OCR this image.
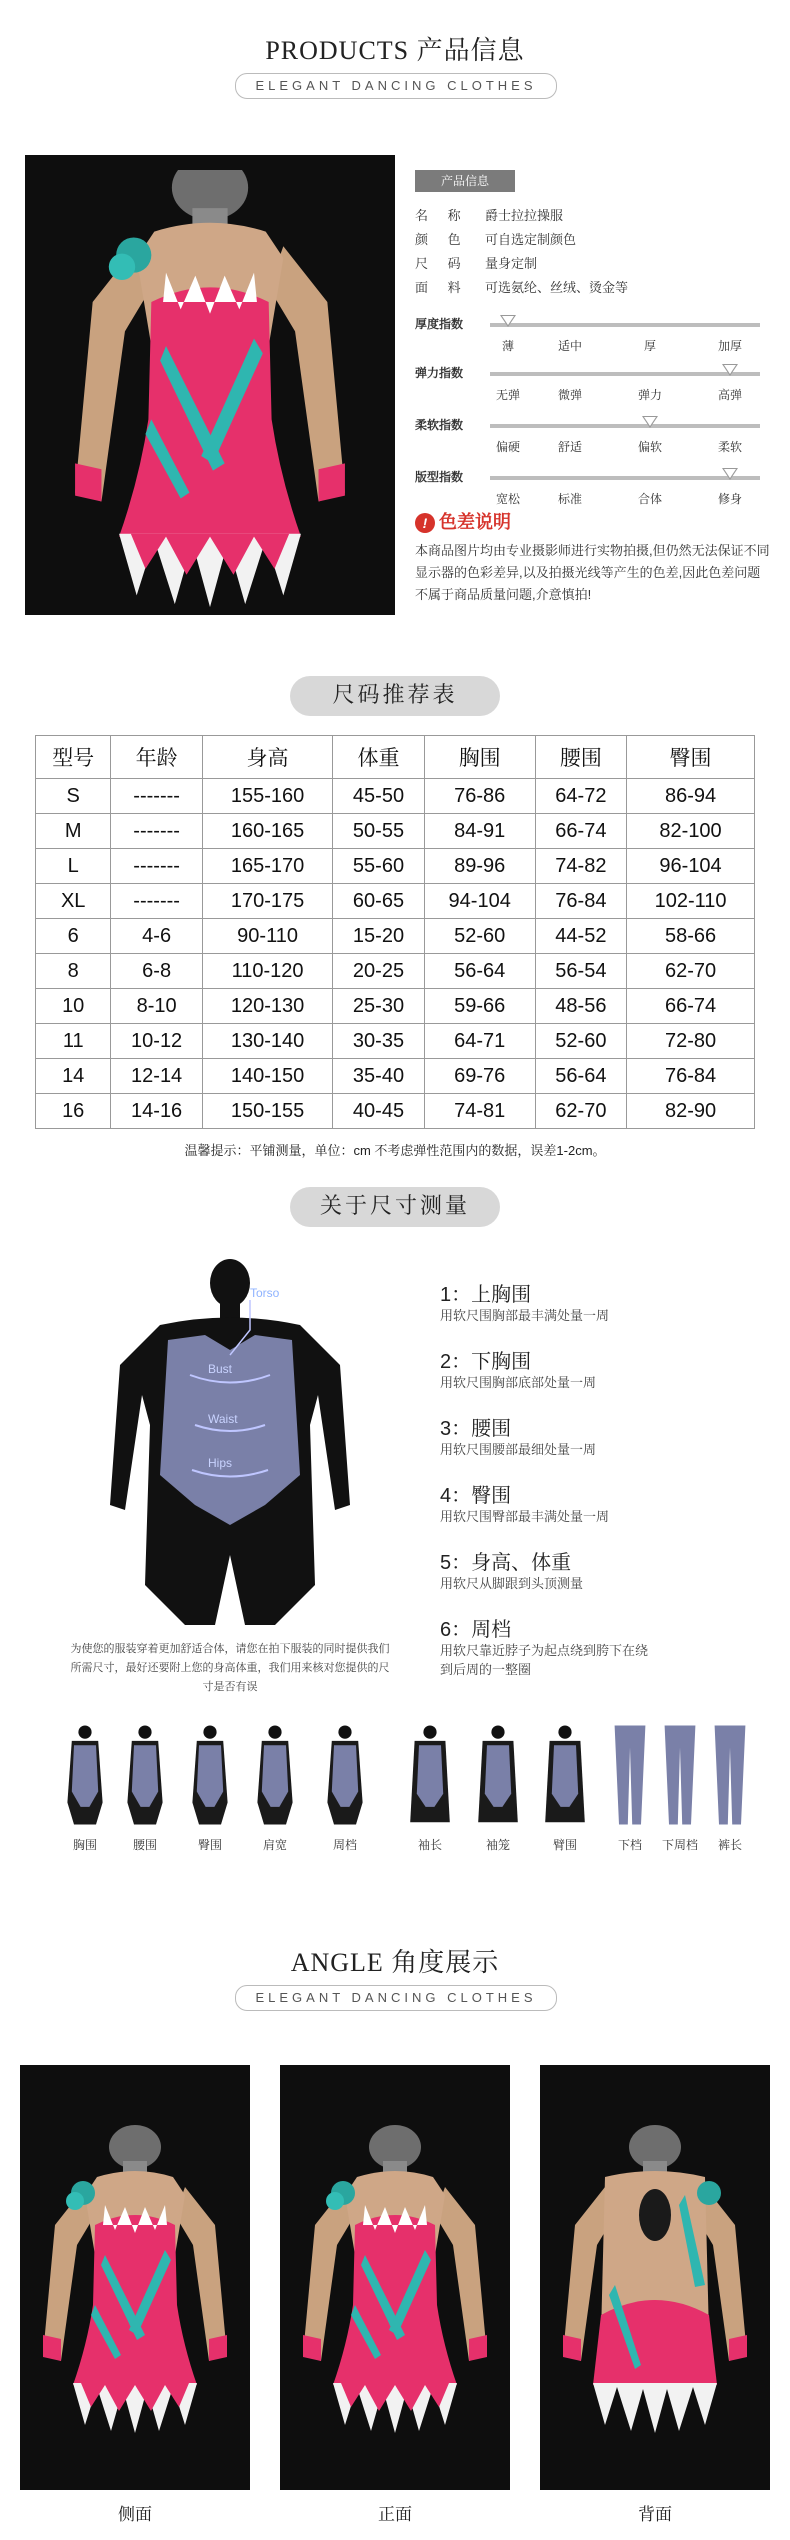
PRODUCTS 产品信息
ELEGANT DANCING CLOTHES
产品信息
名 称 爵士拉拉操服
颜 色 可自选定制颜色
尺 码 量身定制
面 料 可选氨纶、丝绒、烫金等
厚度指数
薄	适中	厚	加厚
弹力指数
无弹	微弹	弹力	高弹
柔软指数
偏硬	舒适	偏软	柔软
版型指数
宽松	标准	合体	修身
! 色差说明
本商品图片均由专业摄影师进行实物拍摄,但仍然无法保证不同显示器的色彩差异,以及拍摄光线等产生的色差,因此色差问题不属于商品质量问题,介意慎拍!
尺码推荐表
型号	年龄	身高	体重	胸围	腰围	臀围
S	-------	155-160	45-50	76-86	64-72	86-94
M	-------	160-165	50-55	84-91	66-74	82-100
L	-------	165-170	55-60	89-96	74-82	96-104
XL	-------	170-175	60-65	94-104	76-84	102-110
6	4-6	90-110	15-20	52-60	44-52	58-66
8	6-8	110-120	20-25	56-64	56-54	62-70
10	8-10	120-130	25-30	59-66	48-56	66-74
11	10-12	130-140	30-35	64-71	52-60	72-80
14	12-14	140-150	35-40	69-76	56-64	76-84
16	14-16	150-155	40-45	74-81	62-70	82-90
温馨提示：平铺测量，单位：cm 不考虑弹性范围内的数据，误差1-2cm。
关于尺寸测量
Torso
Bust
Waist
Hips
1：上胸围
用软尺围胸部最丰满处量一周
2：下胸围
用软尺围胸部底部处量一周
3：腰围
用软尺围腰部最细处量一周
4：臀围
用软尺围臀部最丰满处量一周
5：身高、体重
用软尺从脚跟到头顶测量
6：周档
用软尺靠近脖子为起点绕到胯下在绕到后周的一整圈
为使您的服装穿着更加舒适合体，请您在拍下服装的同时提供我们所需尺寸，最好还要附上您的身高体重，我们用来核对您提供的尺寸是否有误
胸围	腰围	臀围	肩宽	周档	袖长	袖笼	臂围	下档	下周档	裤长
ANGLE 角度展示
ELEGANT DANCING CLOTHES
侧面	正面	背面
